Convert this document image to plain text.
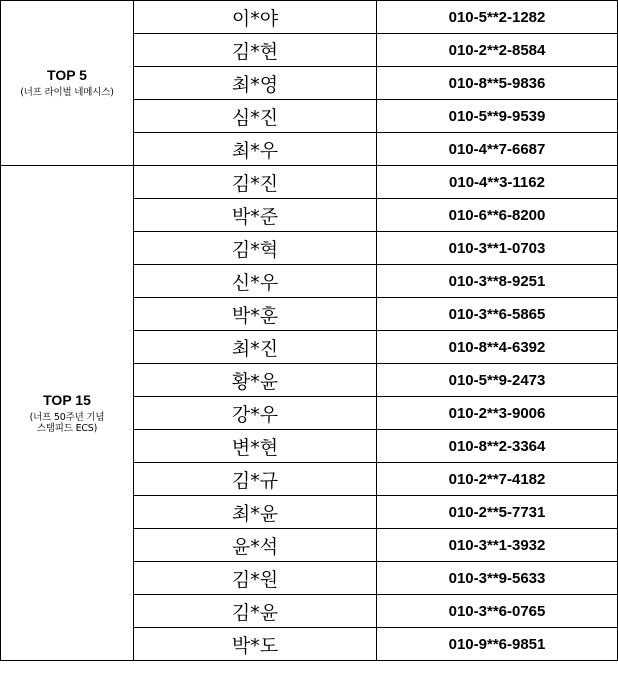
TOP 5
(너프 라이벌 네메시스)	이*야	010-5**2-1282
	김*현	010-2**2-8584
	최*영	010-8**5-9836
	심*진	010-5**9-9539
	최*우	010-4**7-6687

TOP 15
(너프 50주년 기념
스탬피드 ECS)	김*진	010-4**3-1162
	박*준	010-6**6-8200
	김*혁	010-3**1-0703
	신*우	010-3**8-9251
	박*훈	010-3**6-5865
	최*진	010-8**4-6392
	황*윤	010-5**9-2473
	강*우	010-2**3-9006
	변*현	010-8**2-3364
	김*규	010-2**7-4182
	최*윤	010-2**5-7731
	윤*석	010-3**1-3932
	김*원	010-3**9-5633
	김*윤	010-3**6-0765
	박*도	010-9**6-9851
